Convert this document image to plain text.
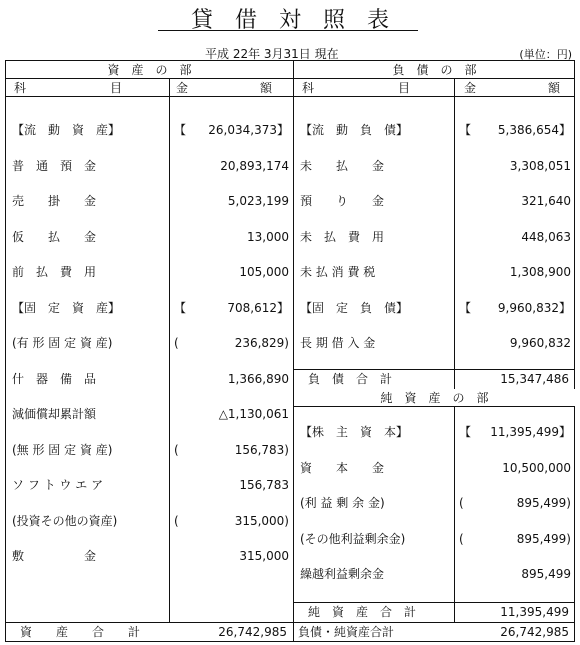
貸借対照表
平成 22年 3月31日 現在	(単位：円)
資　産　の　部
科　　　　　　　目	金　　　　　　額
【流　動　資　産】	【 26,034,373】
普　通　預　金	20,893,174
売　　掛　　金	5,023,199
仮　　払　　金	13,000
前　払　費　用	105,000
【固　定　資　産】	【	708,612】
(有 形 固 定 資 産)	(	236,829)
什　器　備　品	1,366,890
減価償却累計額	△1,130,061
(無 形 固 定 資 産)	(	156,783)
ソ フ ト ウ エ ア	156,783
(投資その他の資産)	(	315,000)
敷　　　　　金	315,000
資　　産　　合　　計	26,742,985
負　債　の　部
科　　　　　　　目	金　　　　　　額
【流　動　負　債】	【 5,386,654】
未　　払　　金	3,308,051
預　　り　　金	321,640
未　払　費　用	448,063
未 払 消 費 税	1,308,900
【固　定　負　債】	【 9,960,832】
長 期 借 入 金	9,960,832
負　債　合　計	15,347,486
純　資　産　の　部
【株　主　資　本】	【 11,395,499】
資　　本　　金	10,500,000
(利 益 剰 余 金)	(	895,499)
(その他利益剰余金)	(	895,499)
繰越利益剰余金	895,499
純　資　産　合　計	11,395,499
負債・純資産合計	26,742,985
